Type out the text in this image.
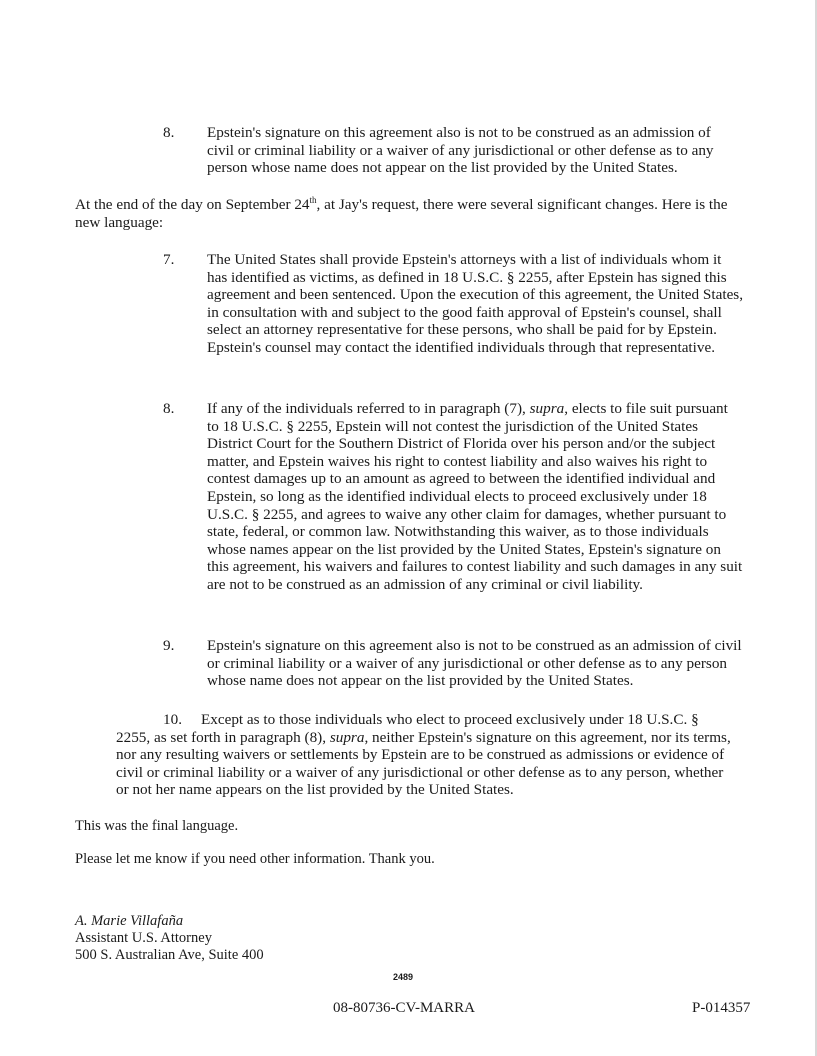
8. Epstein's signature on this agreement also is not to be construed as an admission of civil or criminal liability or a waiver of any jurisdictional or other defense as to any person whose name does not appear on the list provided by the United States.
At the end of the day on September 24th, at Jay's request, there were several significant changes. Here is the new language:
7. The United States shall provide Epstein's attorneys with a list of individuals whom it has identified as victims, as defined in 18 U.S.C. § 2255, after Epstein has signed this agreement and been sentenced. Upon the execution of this agreement, the United States, in consultation with and subject to the good faith approval of Epstein's counsel, shall select an attorney representative for these persons, who shall be paid for by Epstein. Epstein's counsel may contact the identified individuals through that representative.
8. If any of the individuals referred to in paragraph (7), supra, elects to file suit pursuant to 18 U.S.C. § 2255, Epstein will not contest the jurisdiction of the United States District Court for the Southern District of Florida over his person and/or the subject matter, and Epstein waives his right to contest liability and also waives his right to contest damages up to an amount as agreed to between the identified individual and Epstein, so long as the identified individual elects to proceed exclusively under 18 U.S.C. § 2255, and agrees to waive any other claim for damages, whether pursuant to state, federal, or common law. Notwithstanding this waiver, as to those individuals whose names appear on the list provided by the United States, Epstein's signature on this agreement, his waivers and failures to contest liability and such damages in any suit are not to be construed as an admission of any criminal or civil liability.
9. Epstein's signature on this agreement also is not to be construed as an admission of civil or criminal liability or a waiver of any jurisdictional or other defense as to any person whose name does not appear on the list provided by the United States.
10. Except as to those individuals who elect to proceed exclusively under 18 U.S.C. § 2255, as set forth in paragraph (8), supra, neither Epstein's signature on this agreement, nor its terms, nor any resulting waivers or settlements by Epstein are to be construed as admissions or evidence of civil or criminal liability or a waiver of any jurisdictional or other defense as to any person, whether or not her name appears on the list provided by the United States.
This was the final language.
Please let me know if you need other information. Thank you.
A. Marie Villafaña
Assistant U.S. Attorney
500 S. Australian Ave, Suite 400
2489
08-80736-CV-MARRA	P-014357
